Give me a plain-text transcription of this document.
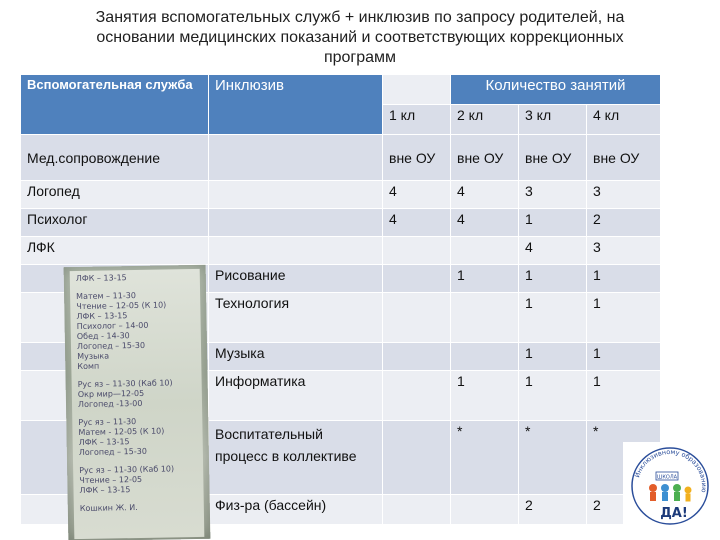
Занятия вспомогательных служб + инклюзив по запросу родителей, на
основании медицинских показаний и соответствующих коррекционных
программ
Вспомогательная служба	Инклюзив		Количество занятий		
		1 кл	2 кл	3 кл	4 кл
Мед.сопровождение		вне ОУ	вне ОУ	вне ОУ	вне ОУ
Логопед		4	4	3	3
Психолог		4	4	1	2
ЛФК				4	3
	Рисование		1	1	1
	Технология			1	1
	Музыка			1	1
	Информатика		1	1	1
	Воспитательный процесс в коллективе		*	*	*
	Физ-ра (бассейн)			2	2
ЛФК – 13-15
Матем – 11-30
Чтение – 12-05 (К 10)
ЛФК – 13-15
Психолог – 14-00
Обед - 14-30
Логопед – 15-30
Музыка
Комп
Рус яз – 11-30 (Каб 10)
Окр мир—12-05
Логопед -13-00
Рус яз – 11-30
Матем - 12-05 (К 10)
ЛФК – 13-15
Логопед – 15-30
Рус яз – 11-30 (Каб 10)
Чтение – 12-05
ЛФК – 13-15
Кошкин Ж. И.
Инклюзивному образованию
ШКОЛА
ДА!
